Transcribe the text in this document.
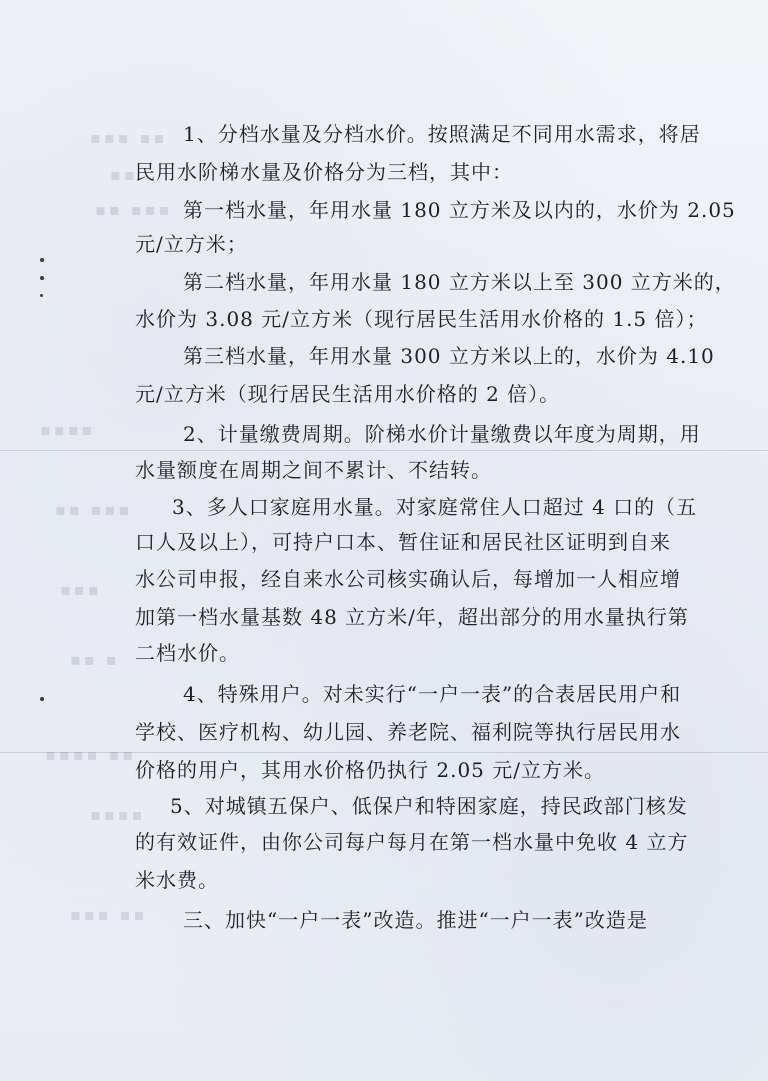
▪▪▪ ▪▪
▪▪
▪▪ ▪▪▪
▪▪▪▪
▪▪ ▪▪▪
▪▪▪
▪▪ ▪
▪▪▪▪ ▪▪
▪▪▪▪
▪▪▪ ▪▪
1、分档水量及分档水价。按照满足不同用水需求，将居
民用水阶梯水量及价格分为三档，其中：
第一档水量，年用水量 180 立方米及以内的，水价为 2.05
元/立方米；
第二档水量，年用水量 180 立方米以上至 300 立方米的，
水价为 3.08 元/立方米（现行居民生活用水价格的 1.5 倍）；
第三档水量，年用水量 300 立方米以上的，水价为 4.10
元/立方米（现行居民生活用水价格的 2 倍）。
2、计量缴费周期。阶梯水价计量缴费以年度为周期，用
水量额度在周期之间不累计、不结转。
3、多人口家庭用水量。对家庭常住人口超过 4 口的（五
口人及以上），可持户口本、暂住证和居民社区证明到自来
水公司申报，经自来水公司核实确认后，每增加一人相应增
加第一档水量基数 48 立方米/年，超出部分的用水量执行第
二档水价。
4、特殊用户。对未实行“一户一表”的合表居民用户和
学校、医疗机构、幼儿园、养老院、福利院等执行居民用水
价格的用户，其用水价格仍执行 2.05 元/立方米。
5、对城镇五保户、低保户和特困家庭，持民政部门核发
的有效证件，由你公司每户每月在第一档水量中免收 4 立方
米水费。
三、加快“一户一表”改造。推进“一户一表”改造是
